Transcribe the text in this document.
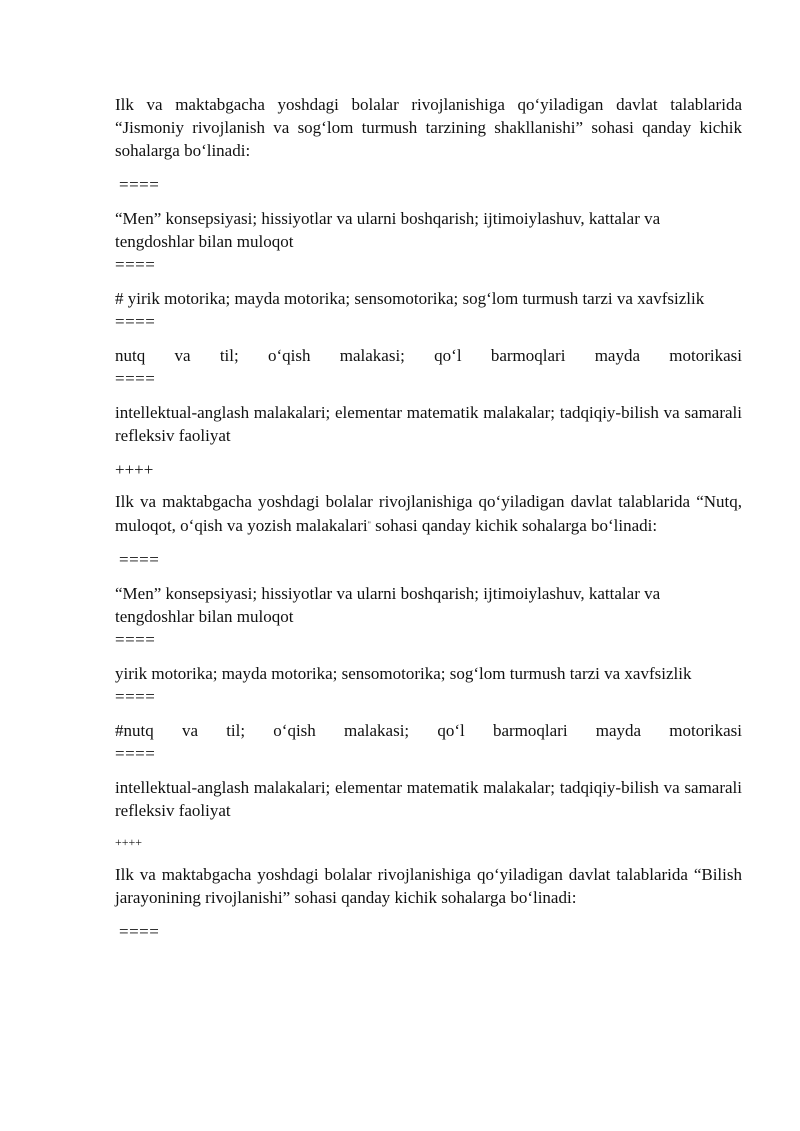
Ilk va maktabgacha yoshdagi bolalar rivojlanishiga qo‘yiladigan davlat talablarida “Jismoniy rivojlanish va sog‘lom turmush tarzining shakllanishi” sohasi qanday kichik sohalarga bo‘linadi:

====

“Men” konsepsiyasi; hissiyotlar va ularni boshqarish; ijtimoiylashuv, kattalar va tengdoshlar bilan muloqot

====

# yirik motorika; mayda motorika; sensomotorika; sog‘lom turmush tarzi va xavfsizlik

====

nutq va til; o‘qish malakasi; qo‘l barmoqlari mayda motorikasi

====

intellektual-anglash malakalari; elementar matematik malakalar; tadqiqiy-bilish va samarali refleksiv faoliyat

++++

Ilk va maktabgacha yoshdagi bolalar rivojlanishiga qo‘yiladigan davlat talablarida “Nutq, muloqot, o‘qish va yozish malakalari" sohasi qanday kichik sohalarga bo‘linadi:

====

“Men” konsepsiyasi; hissiyotlar va ularni boshqarish; ijtimoiylashuv, kattalar va tengdoshlar bilan muloqot

====

yirik motorika; mayda motorika; sensomotorika; sog‘lom turmush tarzi va xavfsizlik

====

#nutq va til; o‘qish malakasi; qo‘l barmoqlari mayda motorikasi

====

intellektual-anglash malakalari; elementar matematik malakalar; tadqiqiy-bilish va samarali refleksiv faoliyat

++++

Ilk va maktabgacha yoshdagi bolalar rivojlanishiga qo‘yiladigan davlat talablarida “Bilish jarayonining rivojlanishi” sohasi qanday kichik sohalarga bo‘linadi:

====
